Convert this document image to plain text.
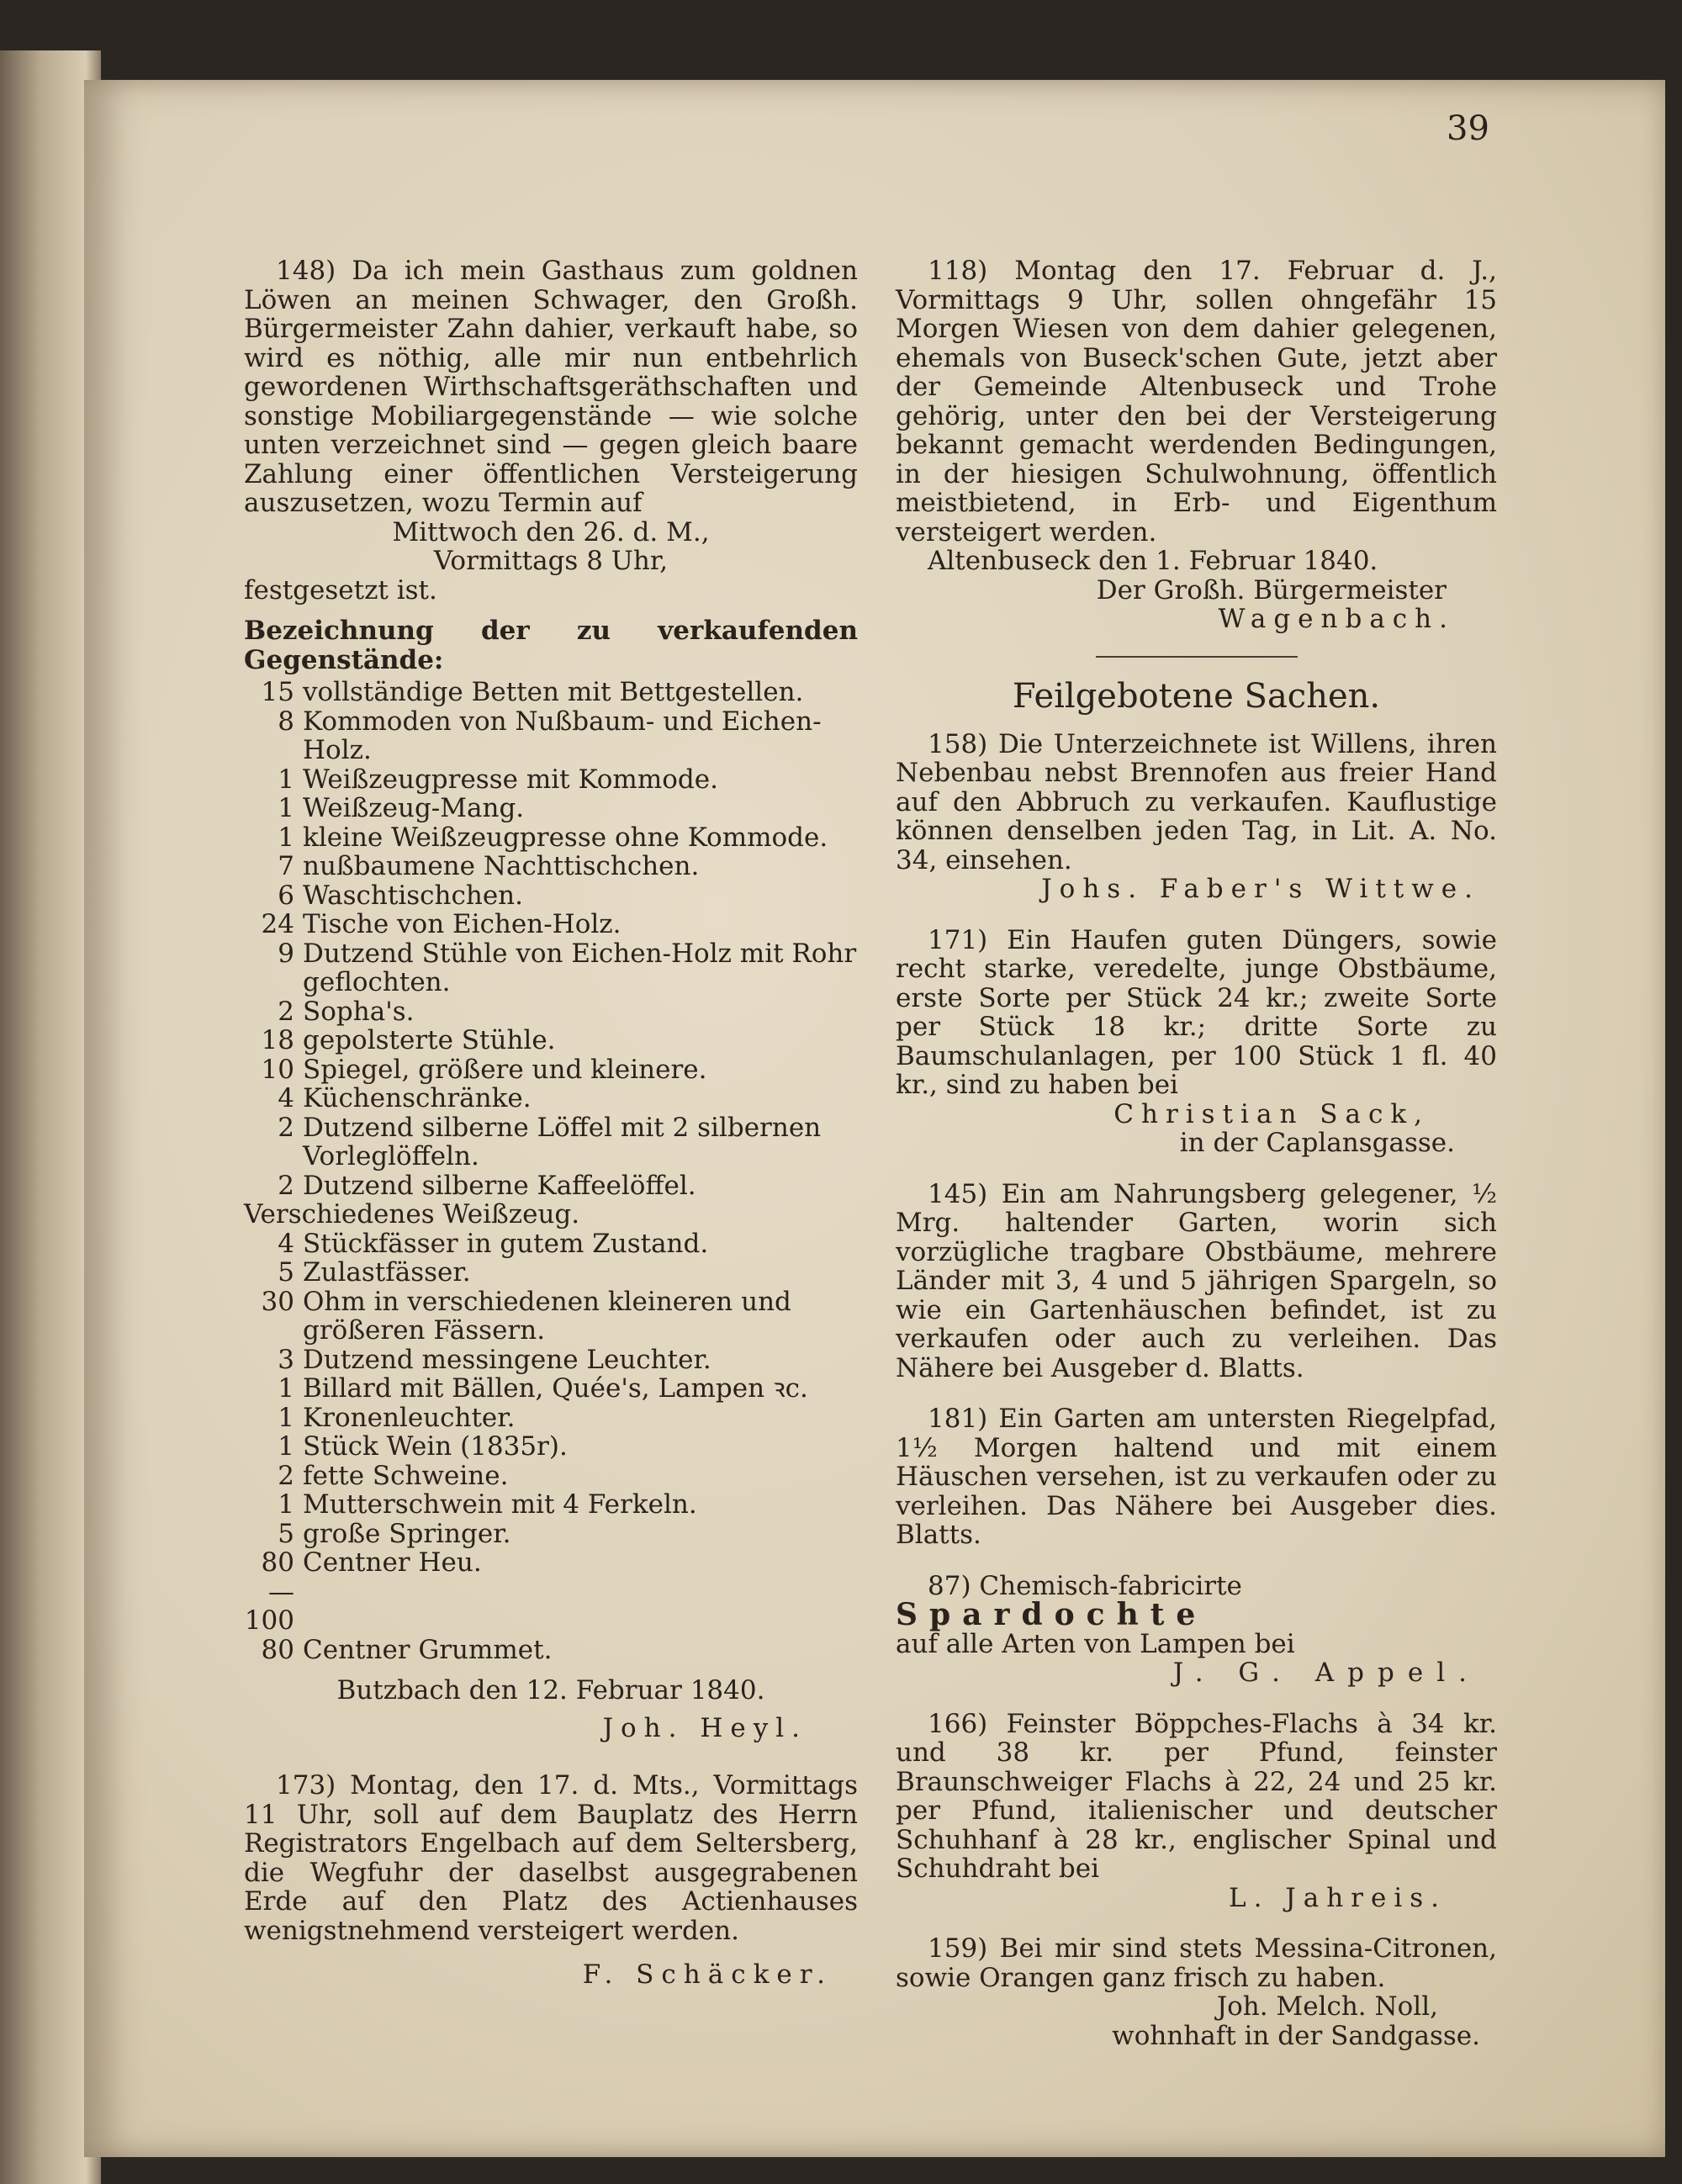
39

148) Da ich mein Gasthaus zum goldnen Löwen an meinen Schwager, den Großh. Bürgermeister Zahn dahier, verkauft habe, so wird es nöthig, alle mir nun entbehrlich gewordenen Wirthschaftsgeräthschaften und sonstige Mobiliargegenstände — wie solche unten verzeichnet sind — gegen gleich baare Zahlung einer öffentlichen Versteigerung auszusetzen, wozu Termin auf

Mittwoch den 26. d. M.,

Vormittags 8 Uhr,

festgesetzt ist.

Bezeichnung der zu verkaufenden Gegenstände:

15 vollständige Betten mit Bettgestellen.
8 Kommoden von Nußbaum- und Eichen-Holz.
1 Weißzeugpresse mit Kommode.
1 Weißzeug-Mang.
1 kleine Weißzeugpresse ohne Kommode.
7 nußbaumene Nachttischchen.
6 Waschtischchen.
24 Tische von Eichen-Holz.
9 Dutzend Stühle von Eichen-Holz mit Rohr geflochten.
2 Sopha's.
18 gepolsterte Stühle.
10 Spiegel, größere und kleinere.
4 Küchenschränke.
2 Dutzend silberne Löffel mit 2 silbernen Vorleglöffeln.
2 Dutzend silberne Kaffeelöffel.
Verschiedenes Weißzeug.
4 Stückfässer in gutem Zustand.
5 Zulastfässer.
30 Ohm in verschiedenen kleineren und größeren Fässern.
3 Dutzend messingene Leuchter.
1 Billard mit Bällen, Quée's, Lampen ꝛc.
1 Kronenleuchter.
1 Stück Wein (1835r).
2 fette Schweine.
1 Mutterschwein mit 4 Ferkeln.
5 große Springer.
80—100
Centner Heu.
80 Centner Grummet.

Butzbach den 12. Februar 1840.

Joh. Heyl.

173) Montag, den 17. d. Mts., Vormittags 11 Uhr, soll auf dem Bauplatz des Herrn Registrators Engelbach auf dem Seltersberg, die Wegfuhr der daselbst ausgegrabenen Erde auf den Platz des Actienhauses wenigstnehmend versteigert werden.

F. Schäcker.

118) Montag den 17. Februar d. J., Vormittags 9 Uhr, sollen ohngefähr 15 Morgen Wiesen von dem dahier gelegenen, ehemals von Buseck'schen Gute, jetzt aber der Gemeinde Altenbuseck und Trohe gehörig, unter den bei der Versteigerung bekannt gemacht werdenden Bedingungen, in der hiesigen Schulwohnung, öffentlich meistbietend, in Erb- und Eigenthum versteigert werden.

Altenbuseck den 1. Februar 1840.

Der Großh. Bürgermeister

Wagenbach.

Feilgebotene Sachen.

158) Die Unterzeichnete ist Willens, ihren Nebenbau nebst Brennofen aus freier Hand auf den Abbruch zu verkaufen. Kauflustige können denselben jeden Tag, in Lit. A. No. 34, einsehen.

Johs. Faber's Wittwe.

171) Ein Haufen guten Düngers, sowie recht starke, veredelte, junge Obstbäume, erste Sorte per Stück 24 kr.; zweite Sorte per Stück 18 kr.; dritte Sorte zu Baumschulanlagen, per 100 Stück 1 fl. 40 kr., sind zu haben bei

Christian Sack,

in der Caplansgasse.

145) Ein am Nahrungsberg gelegener, ½ Mrg. haltender Garten, worin sich vorzügliche tragbare Obstbäume, mehrere Länder mit 3, 4 und 5 jährigen Spargeln, so wie ein Gartenhäuschen befindet, ist zu verkaufen oder auch zu verleihen. Das Nähere bei Ausgeber d. Blatts.

181) Ein Garten am untersten Riegelpfad, 1½ Morgen haltend und mit einem Häuschen versehen, ist zu verkaufen oder zu verleihen. Das Nähere bei Ausgeber dies. Blatts.

87) Chemisch-fabricirte

Spardochte

auf alle Arten von Lampen bei

J. G. Appel.

166) Feinster Böppches-Flachs à 34 kr. und 38 kr. per Pfund, feinster Braunschweiger Flachs à 22, 24 und 25 kr. per Pfund, italienischer und deutscher Schuhhanf à 28 kr., englischer Spinal und Schuhdraht bei

L. Jahreis.

159) Bei mir sind stets Messina-Citronen, sowie Orangen ganz frisch zu haben.

Joh. Melch. Noll,

wohnhaft in der Sandgasse.
